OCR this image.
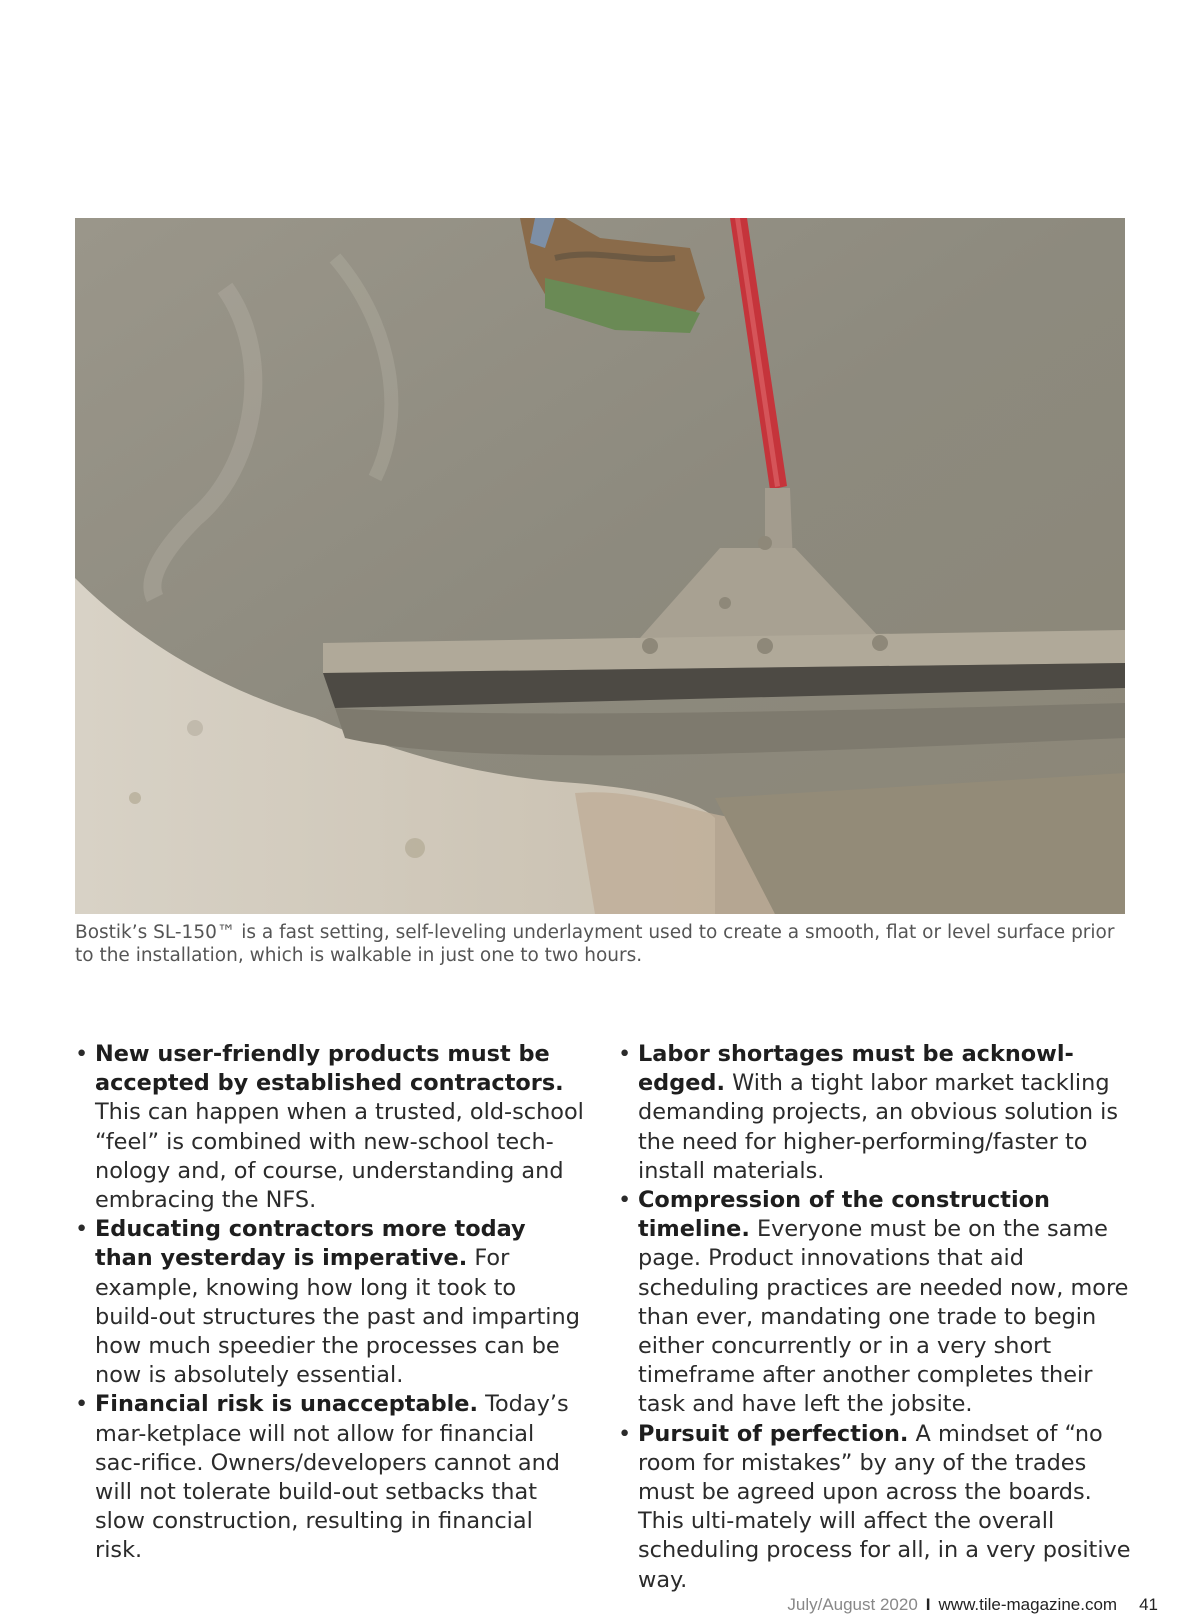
Bostik’s SL-150™ is a fast setting, self-leveling underlayment used to create a smooth, flat or level surface prior to the installation, which is walkable in just one to two hours.
• New user-friendly products must be accepted by established contractors. This can happen when a trusted, old-school “feel” is combined with new-school tech-nology and, of course, understanding and embracing the NFS.
• Educating contractors more today than yesterday is imperative. For example, knowing how long it took to build-out structures the past and imparting how much speedier the processes can be now is absolutely essential.
• Financial risk is unacceptable. Today’s mar-ketplace will not allow for financial sac-rifice. Owners/developers cannot and will not tolerate build-out setbacks that slow construction, resulting in financial risk.
• Labor shortages must be acknowl-edged. With a tight labor market tackling demanding projects, an obvious solution is the need for higher-performing/faster to install materials.
• Compression of the construction timeline. Everyone must be on the same page. Product innovations that aid scheduling practices are needed now, more than ever, mandating one trade to begin either concurrently or in a very short timeframe after another completes their task and have left the jobsite.
• Pursuit of perfection. A mindset of “no room for mistakes” by any of the trades must be agreed upon across the boards. This ulti-mately will affect the overall scheduling process for all, in a very positive way.
July/August 2020 I www.tile-magazine.com 41
